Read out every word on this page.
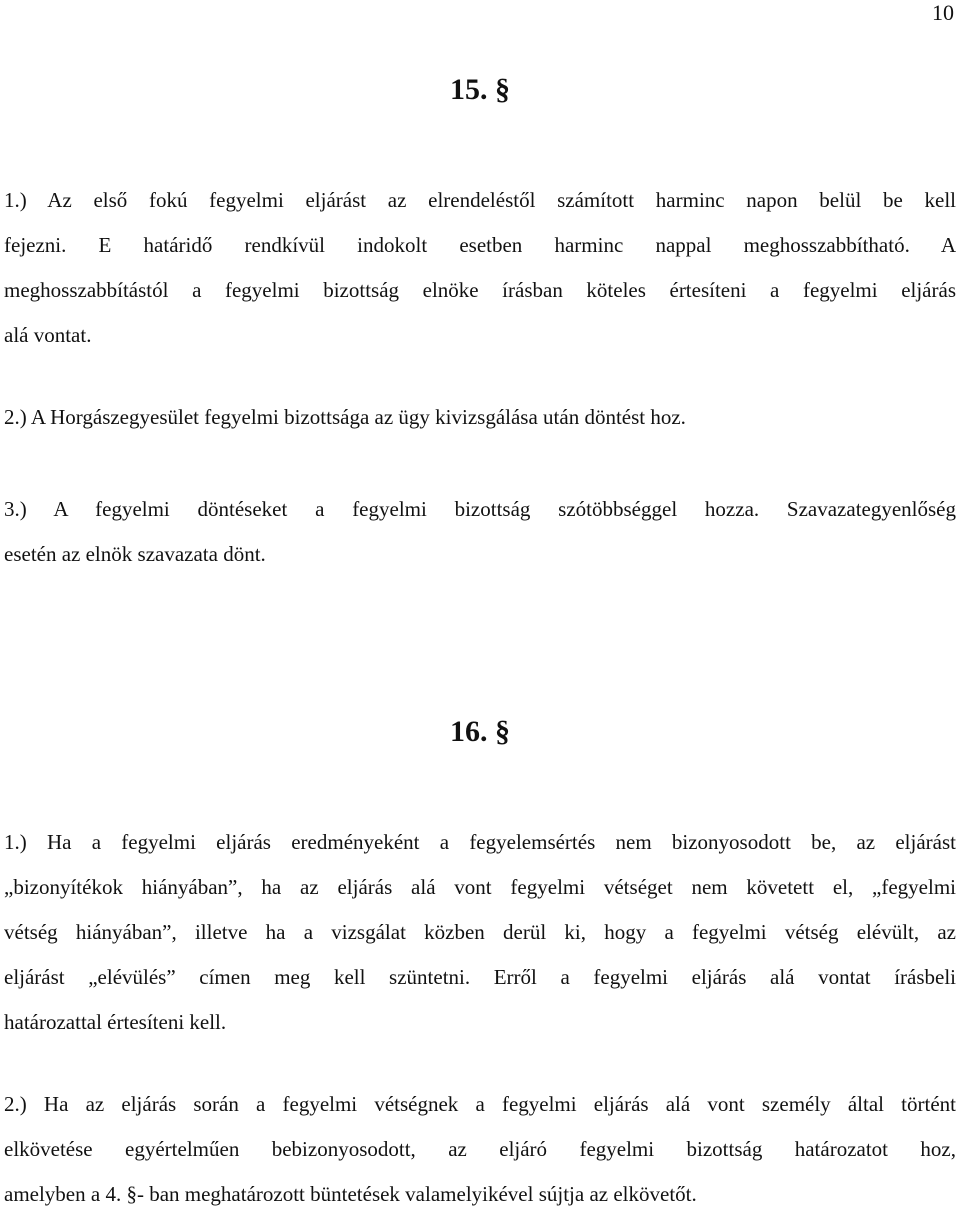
10
15. §
1.) Az első fokú fegyelmi eljárást az elrendeléstől számított harminc napon belül be kell
fejezni. E határidő rendkívül indokolt esetben harminc nappal meghosszabbítható. A
meghosszabbítástól a fegyelmi bizottság elnöke írásban köteles értesíteni a fegyelmi eljárás
alá vontat.
2.) A Horgászegyesület fegyelmi bizottsága az ügy kivizsgálása után döntést hoz.
3.) A fegyelmi döntéseket a fegyelmi bizottság szótöbbséggel hozza. Szavazategyenlőség
esetén az elnök szavazata dönt.
16. §
1.) Ha a fegyelmi eljárás eredményeként a fegyelemsértés nem bizonyosodott be, az eljárást
„bizonyítékok hiányában”, ha az eljárás alá vont fegyelmi vétséget nem követett el, „fegyelmi
vétség hiányában”, illetve ha a vizsgálat közben derül ki, hogy a fegyelmi vétség elévült, az
eljárást „elévülés” címen meg kell szüntetni. Erről a fegyelmi eljárás alá vontat írásbeli
határozattal értesíteni kell.
2.) Ha az eljárás során a fegyelmi vétségnek a fegyelmi eljárás alá vont személy által történt
elkövetése egyértelműen bebizonyosodott, az eljáró fegyelmi bizottság határozatot hoz,
amelyben a 4. §- ban meghatározott büntetések valamelyikével sújtja az elkövetőt.
